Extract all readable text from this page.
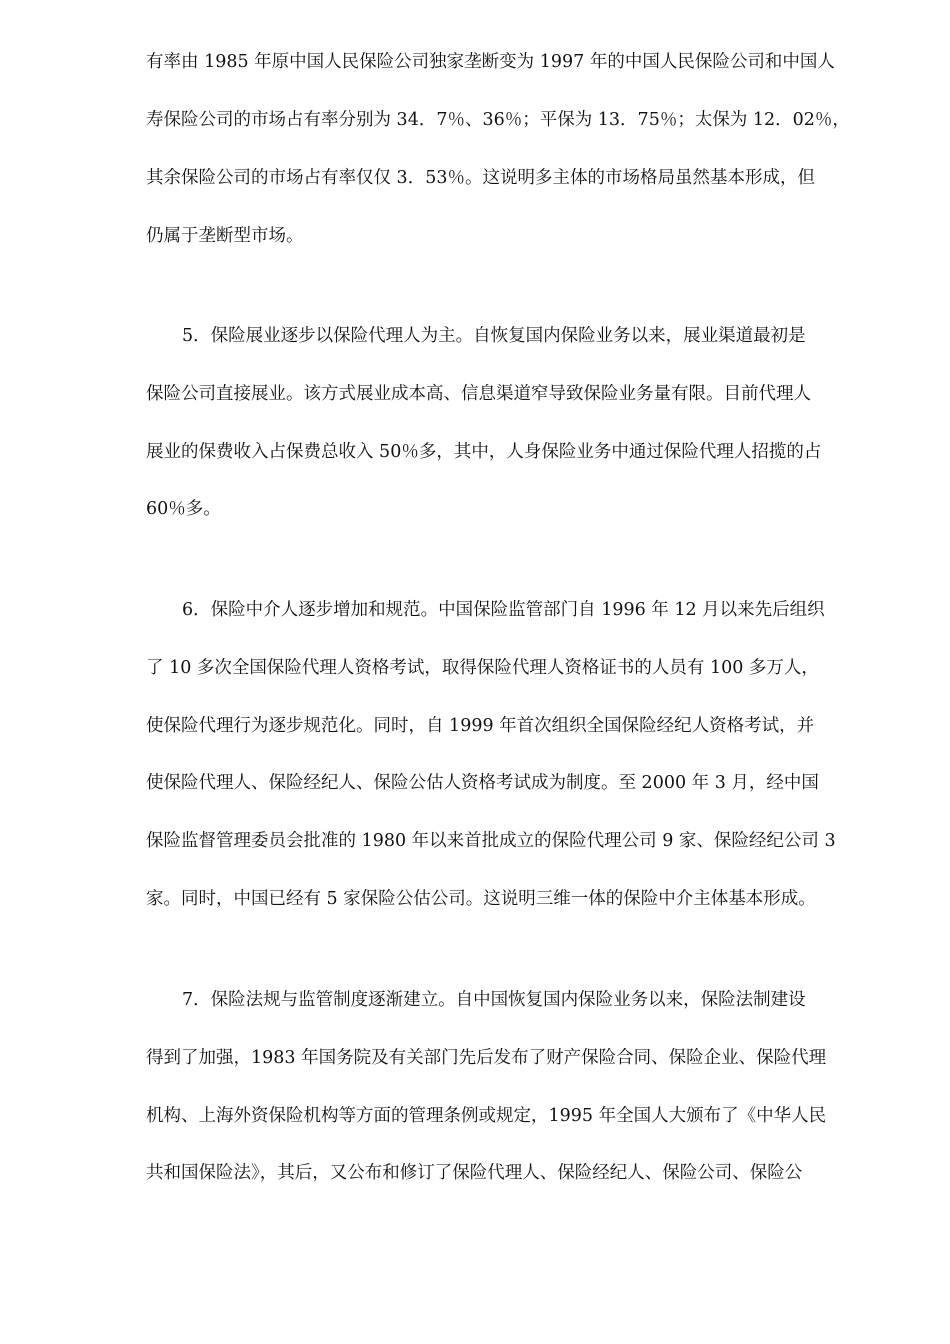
有率由 1985 年原中国人民保险公司独家垄断变为 1997 年的中国人民保险公司和中国人
寿保险公司的市场占有率分别为 34．7％、36％；平保为 13．75％；太保为 12．02％，
其余保险公司的市场占有率仅仅 3．53％。这说明多主体的市场格局虽然基本形成，但
仍属于垄断型市场。
5．保险展业逐步以保险代理人为主。自恢复国内保险业务以来，展业渠道最初是
保险公司直接展业。该方式展业成本高、信息渠道窄导致保险业务量有限。目前代理人
展业的保费收入占保费总收入 50％多，其中，人身保险业务中通过保险代理人招揽的占
60％多。
6．保险中介人逐步增加和规范。中国保险监管部门自 1996 年 12 月以来先后组织
了 10 多次全国保险代理人资格考试，取得保险代理人资格证书的人员有 100 多万人，
使保险代理行为逐步规范化。同时，自 1999 年首次组织全国保险经纪人资格考试，并
使保险代理人、保险经纪人、保险公估人资格考试成为制度。至 2000 年 3 月，经中国
保险监督管理委员会批准的 1980 年以来首批成立的保险代理公司 9 家、保险经纪公司 3
家。同时，中国已经有 5 家保险公估公司。这说明三维一体的保险中介主体基本形成。
7．保险法规与监管制度逐渐建立。自中国恢复国内保险业务以来，保险法制建设
得到了加强，1983 年国务院及有关部门先后发布了财产保险合同、保险企业、保险代理
机构、上海外资保险机构等方面的管理条例或规定，1995 年全国人大颁布了《中华人民
共和国保险法》，其后，又公布和修订了保险代理人、保险经纪人、保险公司、保险公
